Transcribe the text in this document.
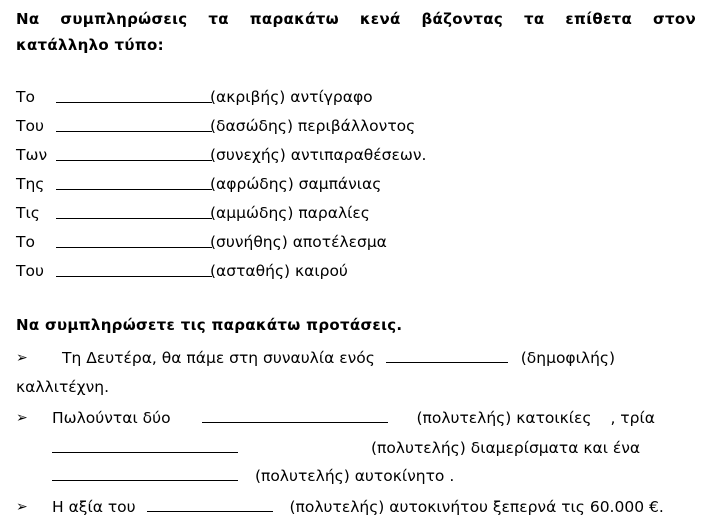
Να συμπληρώσεις τα παρακάτω κενά βάζοντας τα επίθετα στον
κατάλληλο τύπο:
Το	(ακριβής) αντίγραφο
Του	(δασώδης) περιβάλλοντος
Των	(συνεχής) αντιπαραθέσεων.
Της	(αφρώδης) σαμπάνιας
Τις	(αμμώδης) παραλίες
Το	(συνήθης) αποτέλεσμα
Του	(ασταθής) καιρού
Να συμπληρώσετε τις παρακάτω προτάσεις.
➢ Τη Δευτέρα, θα πάμε στη συναυλία ενός	(δημοφιλής)
καλλιτέχνη.
➢ Πωλούνται δύο	(πολυτελής) κατοικίες , τρία
(πολυτελής) διαμερίσματα και ένα
(πολυτελής) αυτοκίνητο .
➢ Η αξία του	(πολυτελής) αυτοκινήτου ξεπερνά τις 60.000 €.
